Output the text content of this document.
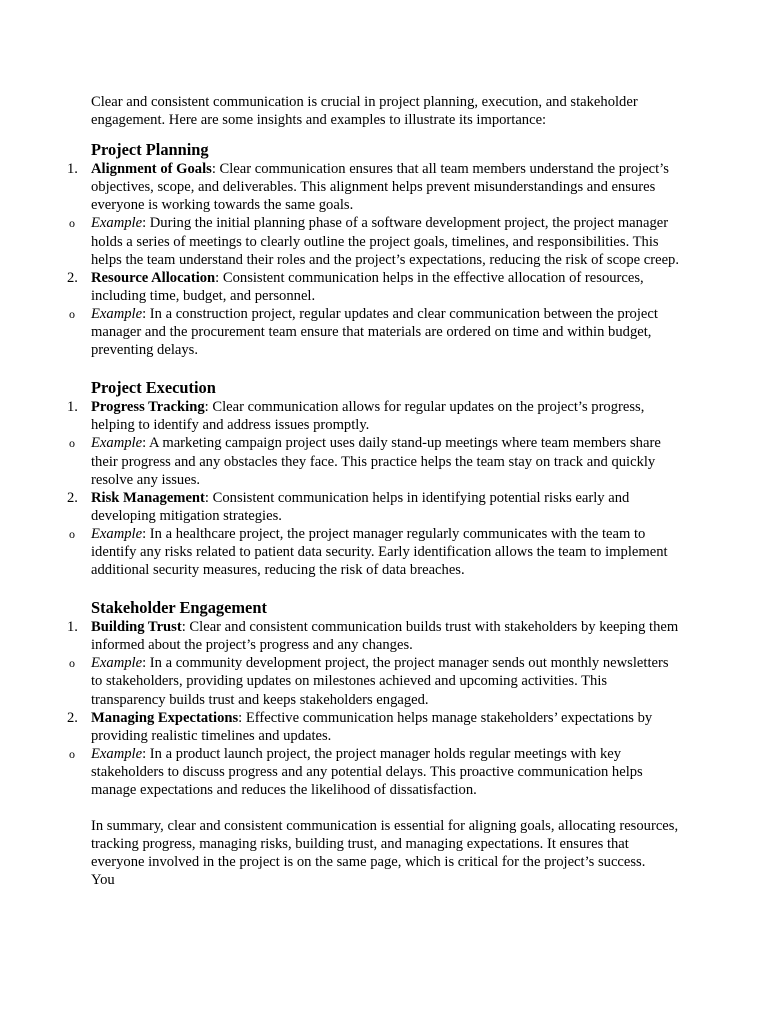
Clear and consistent communication is crucial in project planning, execution, and stakeholder engagement. Here are some insights and examples to illustrate its importance:

Project Planning
1. Alignment of Goals: Clear communication ensures that all team members understand the project’s objectives, scope, and deliverables. This alignment helps prevent misunderstandings and ensures everyone is working towards the same goals.
o	Example: During the initial planning phase of a software development project, the project manager holds a series of meetings to clearly outline the project goals, timelines, and responsibilities. This helps the team understand their roles and the project’s expectations, reducing the risk of scope creep.
2. Resource Allocation: Consistent communication helps in the effective allocation of resources, including time, budget, and personnel.
o	Example: In a construction project, regular updates and clear communication between the project manager and the procurement team ensure that materials are ordered on time and within budget, preventing delays.
Project Execution
1. Progress Tracking: Clear communication allows for regular updates on the project’s progress, helping to identify and address issues promptly.
o	Example: A marketing campaign project uses daily stand-up meetings where team members share their progress and any obstacles they face. This practice helps the team stay on track and quickly resolve any issues.
2. Risk Management: Consistent communication helps in identifying potential risks early and developing mitigation strategies.
o	Example: In a healthcare project, the project manager regularly communicates with the team to identify any risks related to patient data security. Early identification allows the team to implement additional security measures, reducing the risk of data breaches.
Stakeholder Engagement
1. Building Trust: Clear and consistent communication builds trust with stakeholders by keeping them informed about the project’s progress and any changes.
o	Example: In a community development project, the project manager sends out monthly newsletters to stakeholders, providing updates on milestones achieved and upcoming activities. This transparency builds trust and keeps stakeholders engaged.
2. Managing Expectations: Effective communication helps manage stakeholders’ expectations by providing realistic timelines and updates.
o	Example: In a product launch project, the project manager holds regular meetings with key stakeholders to discuss progress and any potential delays. This proactive communication helps manage expectations and reduces the likelihood of dissatisfaction.

In summary, clear and consistent communication is essential for aligning goals, allocating resources, tracking progress, managing risks, building trust, and managing expectations. It ensures that everyone involved in the project is on the same page, which is critical for the project’s success.

You
